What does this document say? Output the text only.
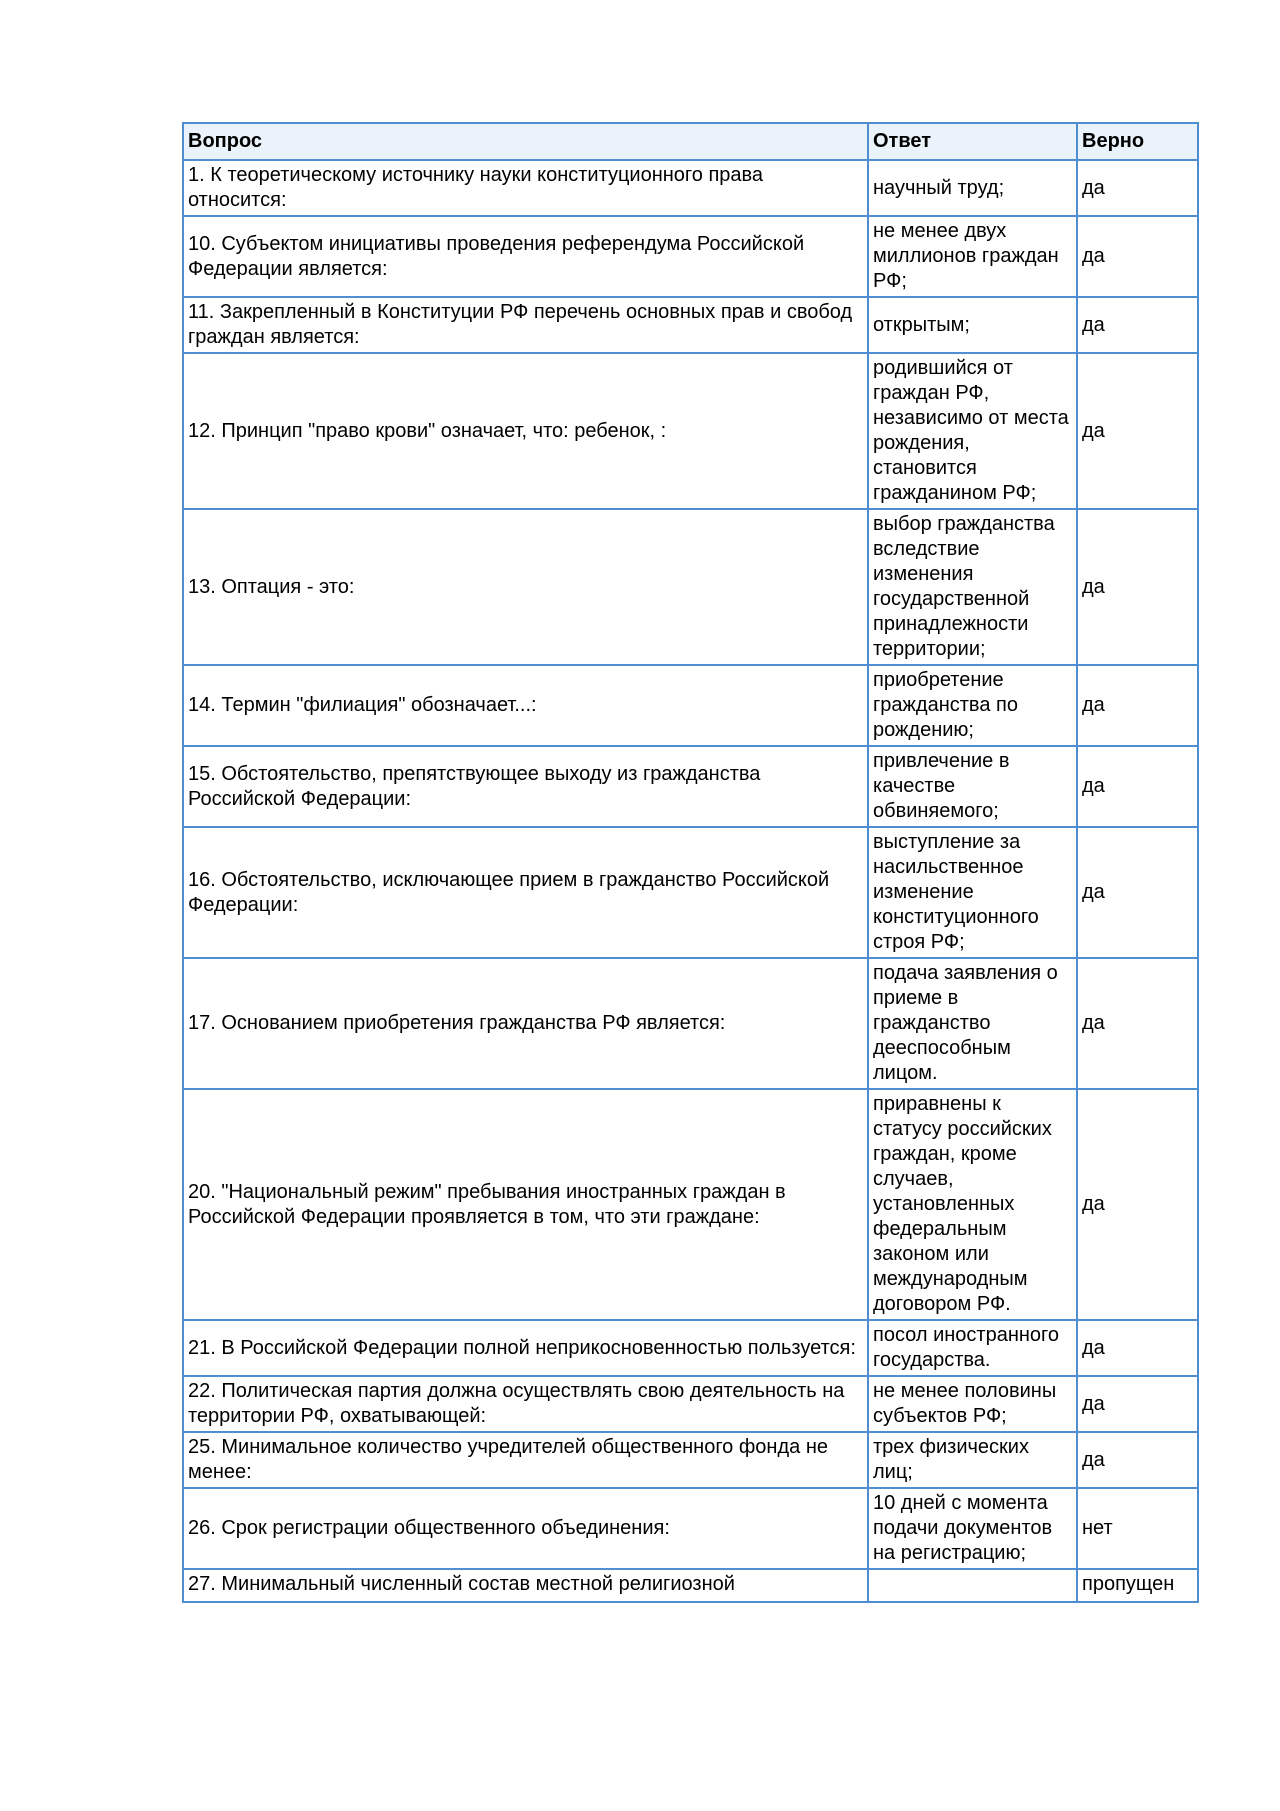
Вопрос	Ответ	Верно
1. К теоретическому источнику науки конституционного права относится:	научный труд;	да
10. Субъектом инициативы проведения референдума Российской Федерации является:	не менее двух миллионов граждан РФ;	да
11. Закрепленный в Конституции РФ перечень основных прав и свобод граждан является:	открытым;	да
12. Принцип "право крови" означает, что: ребенок, :	родившийся от граждан РФ, независимо от места рождения, становится гражданином РФ;	да
13. Оптация - это:	выбор гражданства вследствие изменения государственной принадлежности территории;	да
14. Термин "филиация" обозначает...:	приобретение гражданства по рождению;	да
15. Обстоятельство, препятствующее выходу из гражданства Российской Федерации:	привлечение в качестве обвиняемого;	да
16. Обстоятельство, исключающее прием в гражданство Российской Федерации:	выступление за насильственное изменение конституционного строя РФ;	да
17. Основанием приобретения гражданства РФ является:	подача заявления о приеме в гражданство дееспособным лицом.	да
20. "Национальный режим" пребывания иностранных граждан в Российской Федерации проявляется в том, что эти граждане:	приравнены к статусу российских граждан, кроме случаев, установленных федеральным законом или международным договором РФ.	да
21. В Российской Федерации полной неприкосновенностью пользуется:	посол иностранного государства.	да
22. Политическая партия должна осуществлять свою деятельность на территории РФ, охватывающей:	не менее половины субъектов РФ;	да
25. Минимальное количество учредителей общественного фонда не менее:	трех физических лиц;	да
26. Срок регистрации общественного объединения:	10 дней с момента подачи документов на регистрацию;	нет
27. Минимальный численный состав местной религиозной		пропущен
